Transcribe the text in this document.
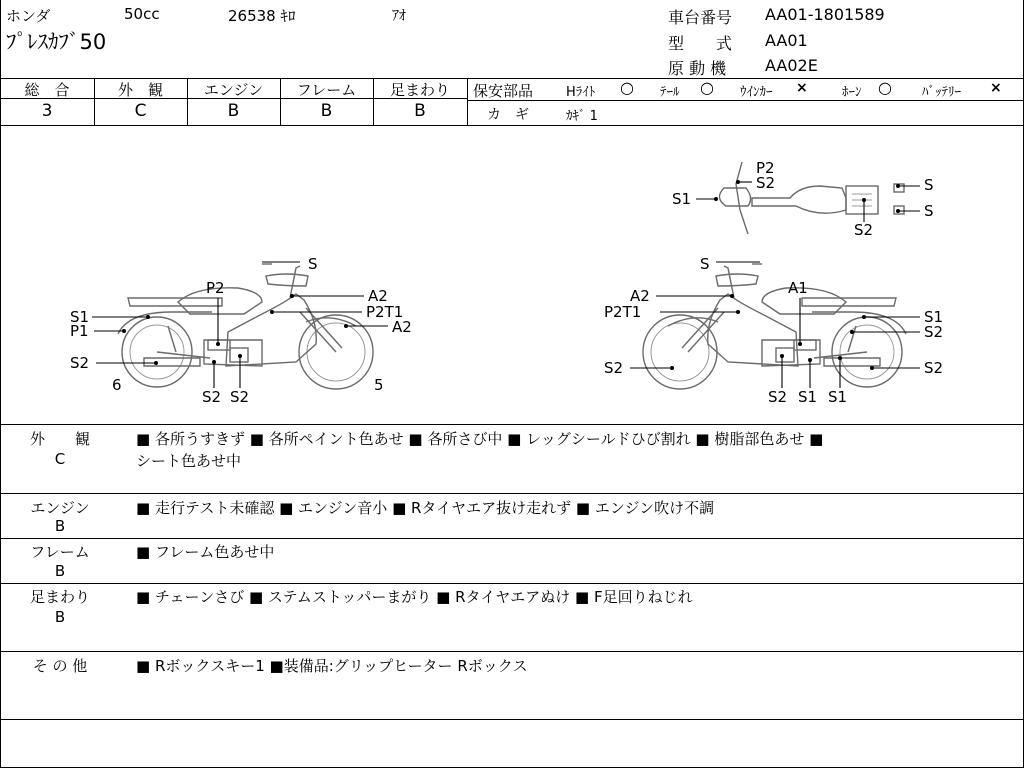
ホンダ	50cc	26538 ｷﾛ	ｱｵ
ﾌﾟﾚｽｶﾌﾞ50
車台番号 AA01-1801589
型　　式 AA01
原 動 機 AA02E
総　合
3
外　観
C
エンジン
B
フレーム
B
足まわり
B
保安部品	Hﾗｲﾄ ○ ﾃｰﾙ ○ ｳｲﾝｶｰ ×	ﾎｰﾝ ○ ﾊﾞｯﾃﾘｰ ×
カ　ギ	ｶｷﾞ 1
S
P2	A2
S1	P2T1
P1	A2
S2
6	5
S2 S2
S
A2	A1
P2T1	S1
S2
S2	S2
S2 S1 S1
P2
S2
S1
S
S
S2
外　　観
C
■ 各所うすきず ■ 各所ペイント色あせ ■ 各所さび中 ■ レッグシールドひび割れ ■ 樹脂部色あせ ■
シート色あせ中
エンジン
B
■ 走行テスト未確認 ■ エンジン音小 ■ Rタイヤエア抜け走れず ■ エンジン吹け不調
フレーム
B
■ フレーム色あせ中
足まわり
B
■ チェーンさび ■ ステムストッパーまがり ■ Rタイヤエアぬけ ■ F足回りねじれ
そ の 他	■ Rボックスキー1 ■装備品:グリップヒーター Rボックス
